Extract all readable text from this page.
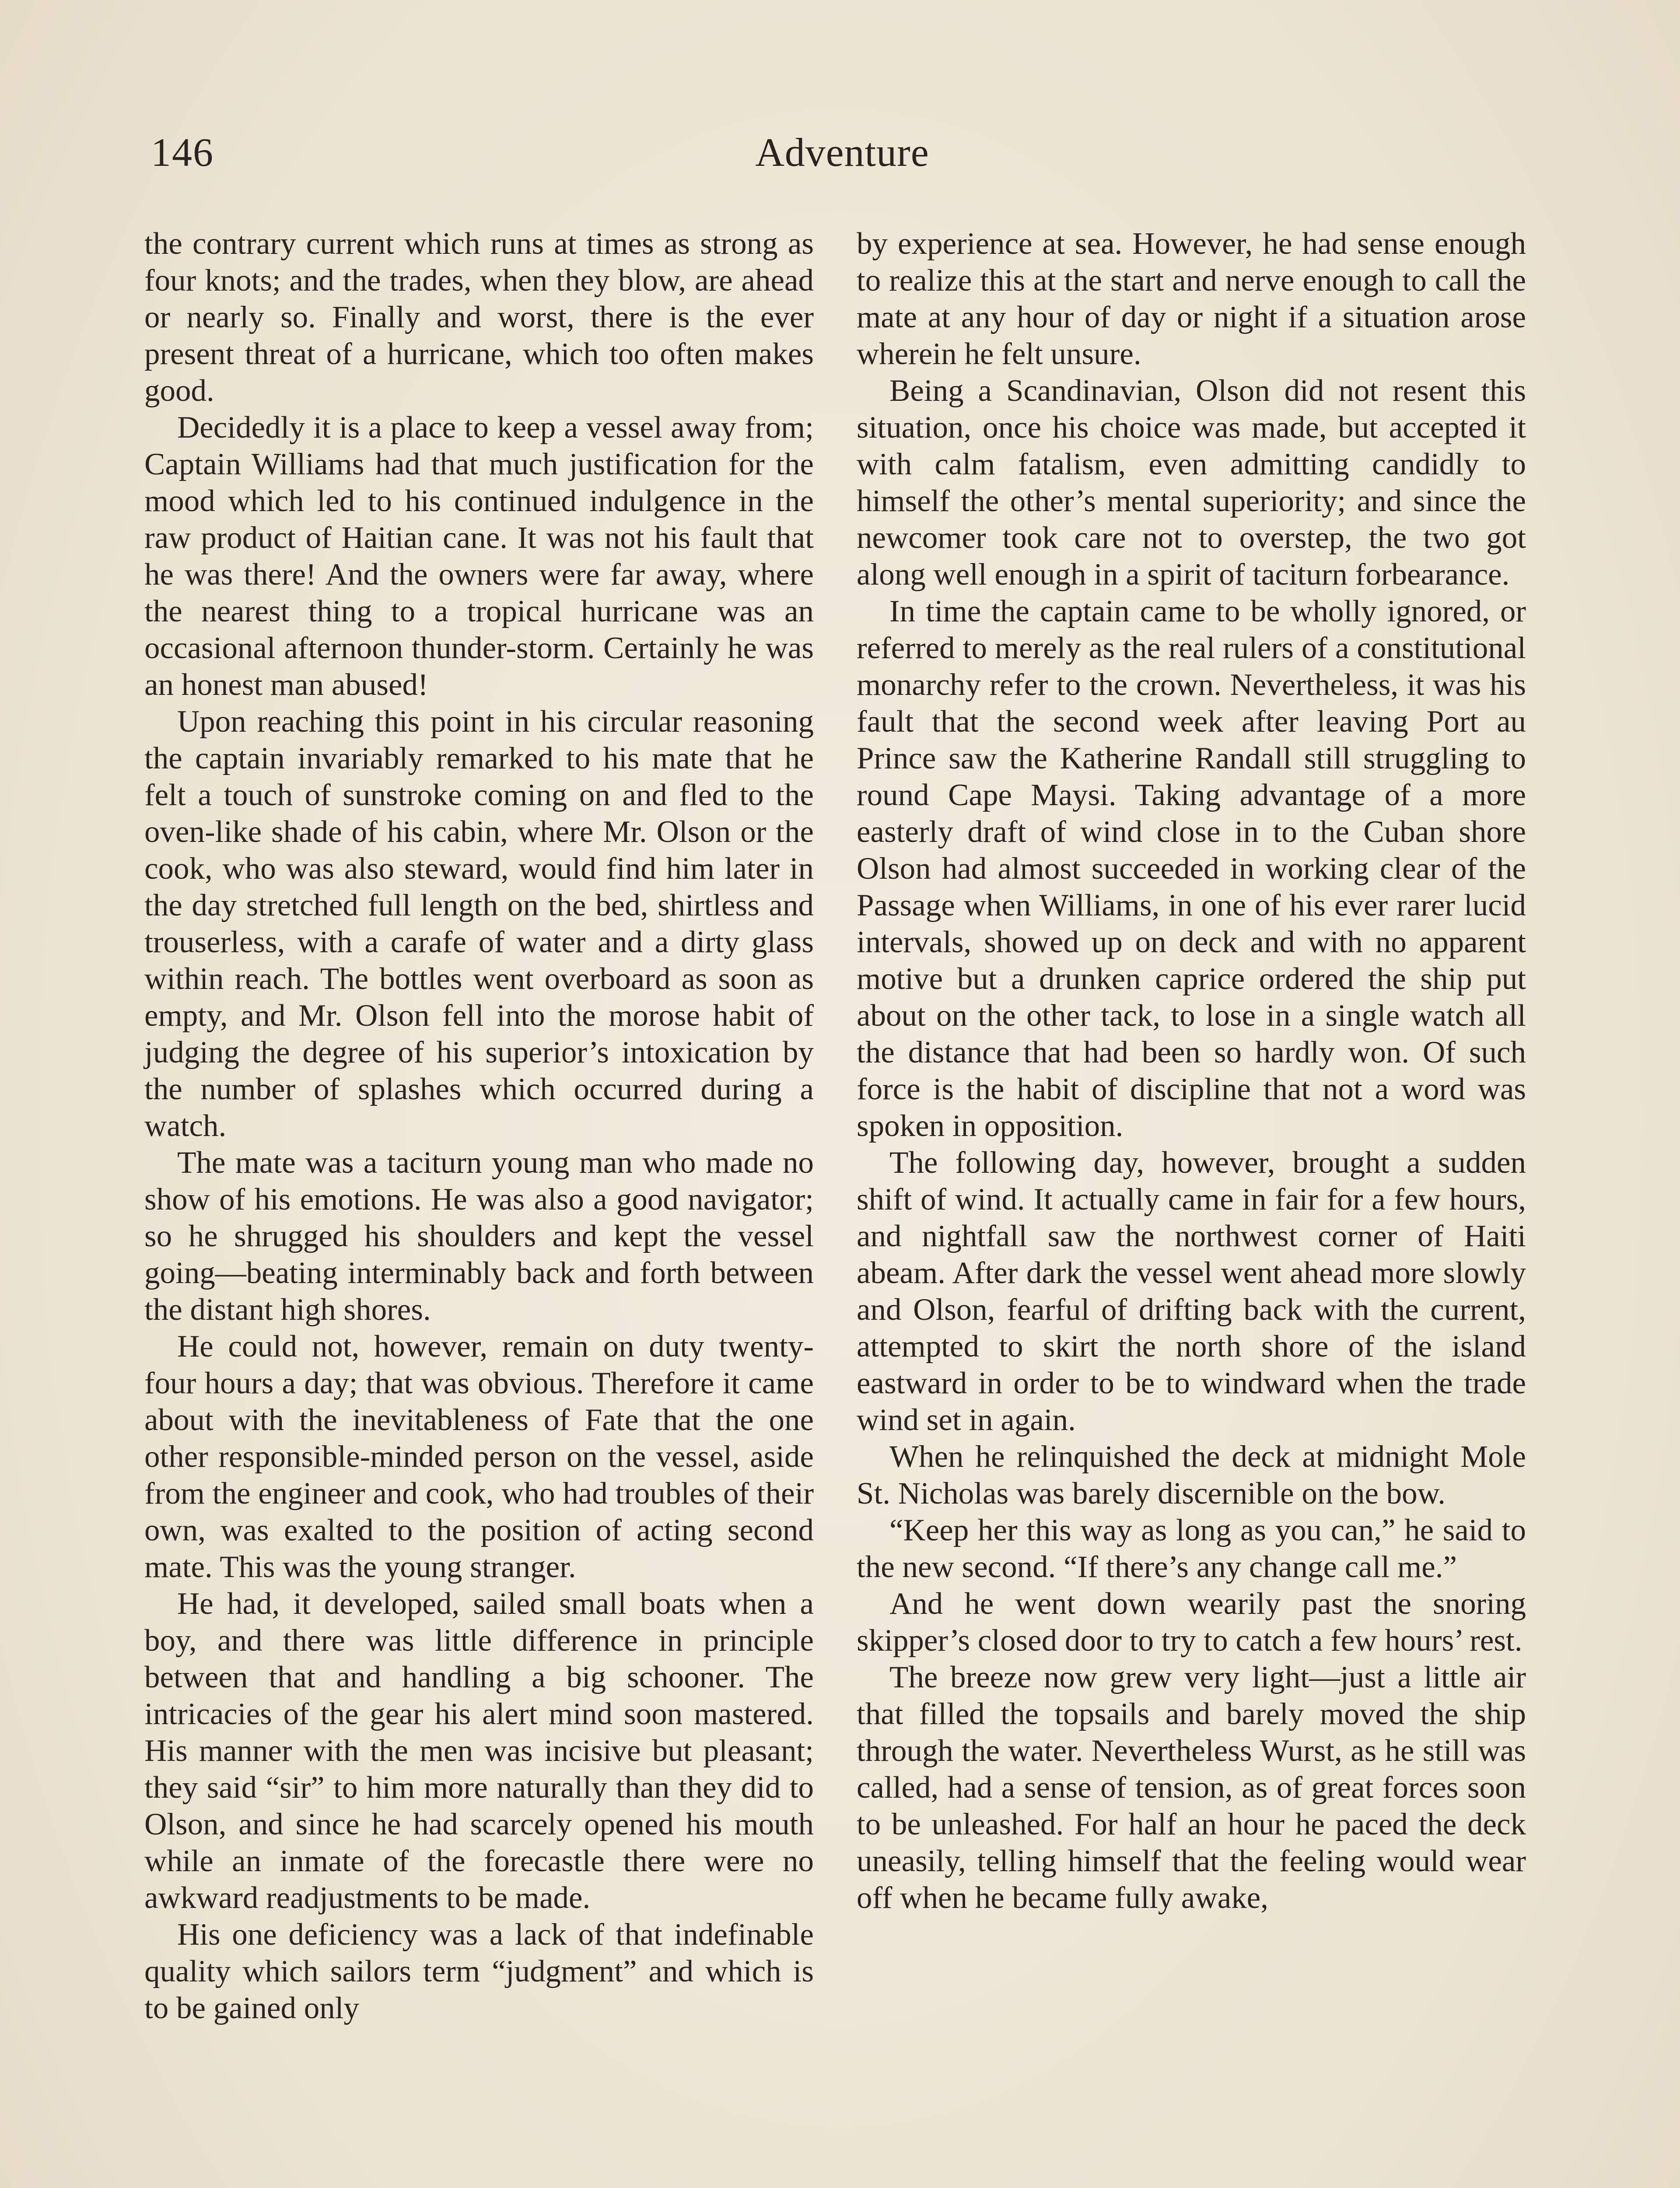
146	Adventure

the contrary current which runs at times as strong as four knots; and the trades, when they blow, are ahead or nearly so. Finally and worst, there is the ever present threat of a hurricane, which too often makes good.

Decidedly it is a place to keep a vessel away from; Captain Williams had that much justification for the mood which led to his continued indulgence in the raw product of Haitian cane. It was not his fault that he was there! And the owners were far away, where the nearest thing to a tropical hurricane was an occasional afternoon thunder-storm. Certainly he was an honest man abused!

Upon reaching this point in his circular reasoning the captain invariably remarked to his mate that he felt a touch of sunstroke coming on and fled to the oven-like shade of his cabin, where Mr. Olson or the cook, who was also steward, would find him later in the day stretched full length on the bed, shirtless and trouserless, with a carafe of water and a dirty glass within reach. The bottles went overboard as soon as empty, and Mr. Olson fell into the morose habit of judging the degree of his superior’s intoxication by the number of splashes which occurred during a watch.

The mate was a taciturn young man who made no show of his emotions. He was also a good navigator; so he shrugged his shoulders and kept the vessel going—beating interminably back and forth between the distant high shores.

He could not, however, remain on duty twenty-four hours a day; that was obvious. Therefore it came about with the inevitableness of Fate that the one other responsible-minded person on the vessel, aside from the engineer and cook, who had troubles of their own, was exalted to the position of acting second mate. This was the young stranger.

He had, it developed, sailed small boats when a boy, and there was little difference in principle between that and handling a big schooner. The intricacies of the gear his alert mind soon mastered. His manner with the men was incisive but pleasant; they said “sir” to him more naturally than they did to Olson, and since he had scarcely opened his mouth while an inmate of the forecastle there were no awkward readjustments to be made.

His one deficiency was a lack of that indefinable quality which sailors term “judgment” and which is to be gained only

by experience at sea. However, he had sense enough to realize this at the start and nerve enough to call the mate at any hour of day or night if a situation arose wherein he felt unsure.

Being a Scandinavian, Olson did not resent this situation, once his choice was made, but accepted it with calm fatalism, even admitting candidly to himself the other’s mental superiority; and since the newcomer took care not to overstep, the two got along well enough in a spirit of taciturn forbearance.

In time the captain came to be wholly ignored, or referred to merely as the real rulers of a constitutional monarchy refer to the crown. Nevertheless, it was his fault that the second week after leaving Port au Prince saw the Katherine Randall still struggling to round Cape Maysi. Taking advantage of a more easterly draft of wind close in to the Cuban shore Olson had almost succeeded in working clear of the Passage when Williams, in one of his ever rarer lucid intervals, showed up on deck and with no apparent motive but a drunken caprice ordered the ship put about on the other tack, to lose in a single watch all the distance that had been so hardly won. Of such force is the habit of discipline that not a word was spoken in opposition.

The following day, however, brought a sudden shift of wind. It actually came in fair for a few hours, and nightfall saw the northwest corner of Haiti abeam. After dark the vessel went ahead more slowly and Olson, fearful of drifting back with the current, attempted to skirt the north shore of the island eastward in order to be to windward when the trade wind set in again.

When he relinquished the deck at midnight Mole St. Nicholas was barely discernible on the bow.

“Keep her this way as long as you can,” he said to the new second. “If there’s any change call me.”

And he went down wearily past the snoring skipper’s closed door to try to catch a few hours’ rest.

The breeze now grew very light—just a little air that filled the topsails and barely moved the ship through the water. Nevertheless Wurst, as he still was called, had a sense of tension, as of great forces soon to be unleashed. For half an hour he paced the deck uneasily, telling himself that the feeling would wear off when he became fully awake,
